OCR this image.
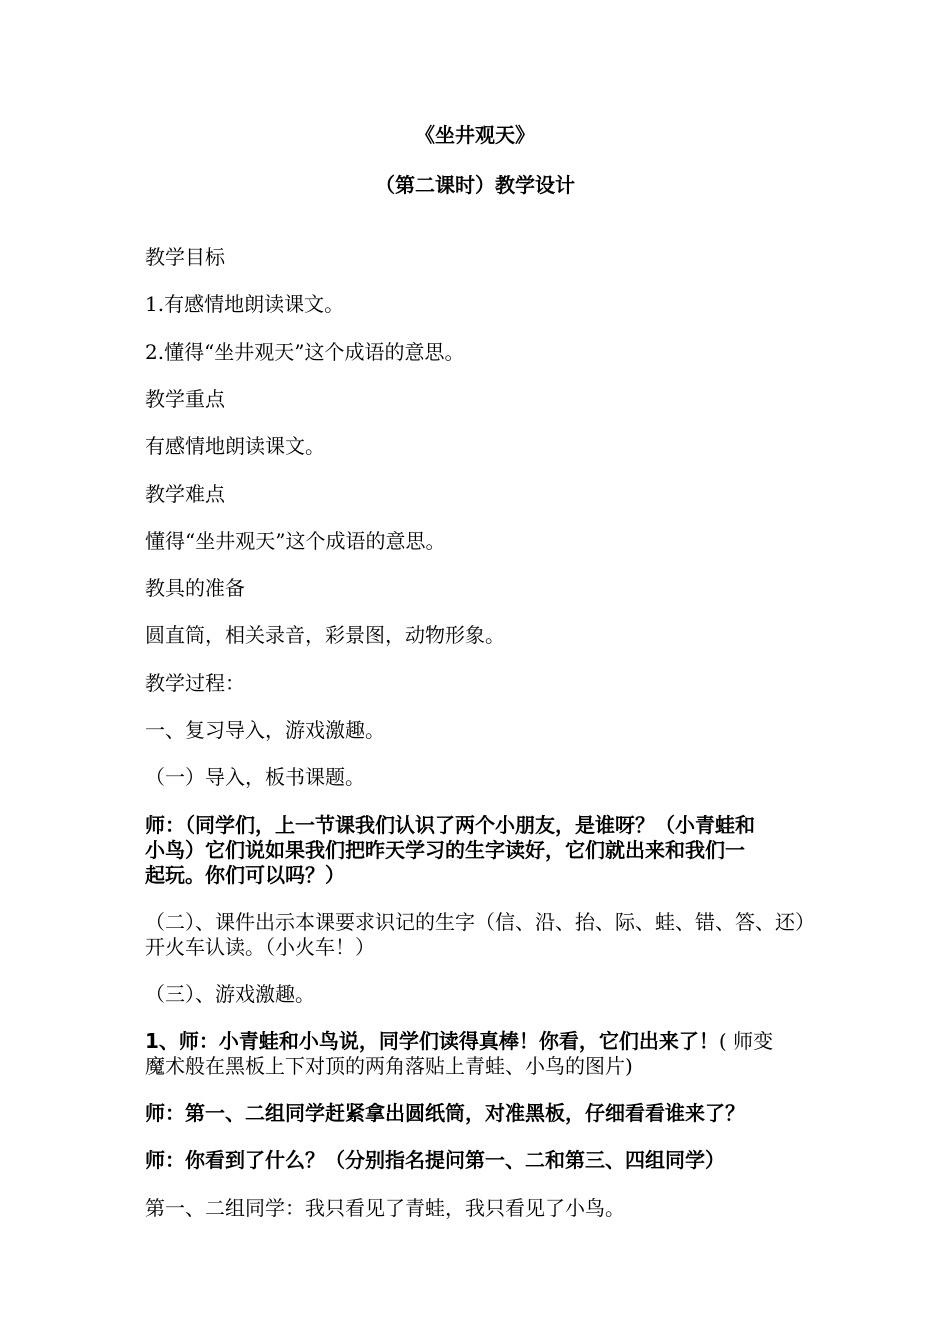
《坐井观天》
（第二课时）教学设计

教学目标

1.有感情地朗读课文。

2.懂得“坐井观天”这个成语的意思。

教学重点

有感情地朗读课文。

教学难点

懂得“坐井观天”这个成语的意思。

教具的准备

圆直筒，相关录音，彩景图，动物形象。

教学过程：

一、复习导入，游戏激趣。

（一）导入，板书课题。

师：（同学们，上一节课我们认识了两个小朋友，是谁呀？（小青蛙和

小鸟）它们说如果我们把昨天学习的生字读好，它们就出来和我们一

起玩。你们可以吗？）

（二）、课件出示本课要求识记的生字（信、沿、抬、际、蛙、错、答、还）

开火车认读。（小火车！）

（三）、游戏激趣。

1、师：小青蛙和小鸟说，同学们读得真棒！你看，它们出来了！( 师变

魔术般在黑板上下对顶的两角落贴上青蛙、小鸟的图片)

师：第一、二组同学赶紧拿出圆纸筒，对准黑板，仔细看看谁来了？

师：你看到了什么？（分别指名提问第一、二和第三、四组同学）

第一、二组同学：我只看见了青蛙，我只看见了小鸟。
